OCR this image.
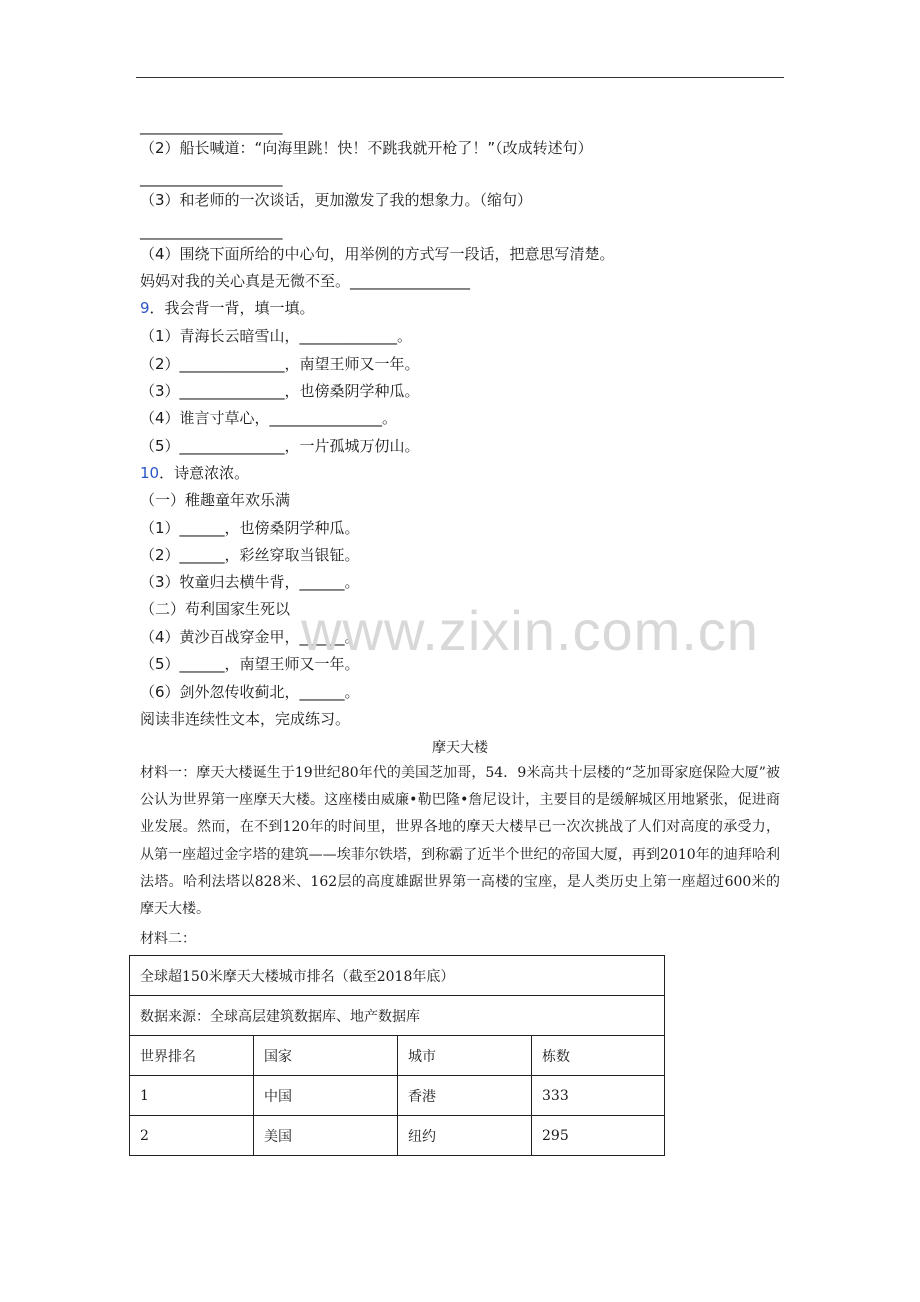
___________________
（2）船长喊道：“向海里跳！快！不跳我就开枪了！”（改成转述句）
___________________
（3）和老师的一次谈话，更加激发了我的想象力。（缩句）
___________________
（4）围绕下面所给的中心句，用举例的方式写一段话，把意思写清楚。
妈妈对我的关心真是无微不至。________________
9．我会背一背，填一填。
（1）青海长云暗雪山，_____________。
（2）______________，南望王师又一年。
（3）______________，也傍桑阴学种瓜。
（4）谁言寸草心，_______________。
（5）______________，一片孤城万仞山。
10．诗意浓浓。
（一）稚趣童年欢乐满
（1）______，也傍桑阴学种瓜。
（2）______，彩丝穿取当银钲。
（3）牧童归去横牛背，______。
（二）苟利国家生死以
（4）黄沙百战穿金甲，______。
（5）______，南望王师又一年。
（6）剑外忽传收蓟北，______。
阅读非连续性文本，完成练习。
摩天大楼
材料一：摩天大楼诞生于19世纪80年代的美国芝加哥，54．9米高共十层楼的“芝加哥家庭保险大厦”被公认为世界第一座摩天大楼。这座楼由威廉•勒巴隆•詹尼设计，主要目的是缓解城区用地紧张，促进商业发展。然而，在不到120年的时间里，世界各地的摩天大楼早已一次次挑战了人们对高度的承受力，从第一座超过金字塔的建筑——埃菲尔铁塔，到称霸了近半个世纪的帝国大厦，再到2010年的迪拜哈利法塔。哈利法塔以828米、162层的高度雄踞世界第一高楼的宝座，是人类历史上第一座超过600米的摩天大楼。
材料二：
全球超150米摩天大楼城市排名（截至2018年底）			
数据来源：全球高层建筑数据库、地产数据库			
世界排名	国家	城市	栋数
1	中国	香港	333
2	美国	纽约	295
www.zixin.com.cn
